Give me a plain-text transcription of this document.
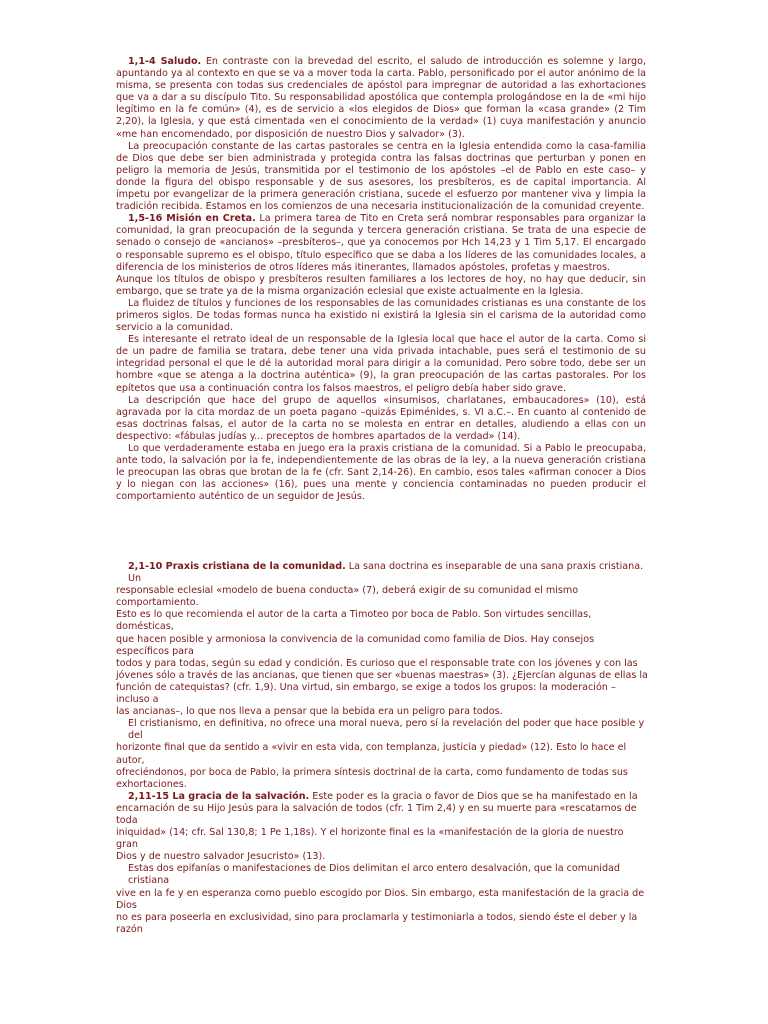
1,1-4 Saludo. En contraste con la brevedad del escrito, el saludo de introducción es solemne y largo, apuntando ya al contexto en que se va a mover toda la carta. Pablo, personificado por el autor anónimo de la misma, se presenta con todas sus credenciales de apóstol para impregnar de autoridad a las exhortaciones que va a dar a su discípulo Tito. Su responsabilidad apostólica que contempla prologándose en la de «mi hijo legítimo en la fe común» (4), es de servicio a «los elegidos de Dios» que forman la «casa grande» (2 Tim 2,20), la Iglesia, y que está cimentada «en el conocimiento de la verdad» (1) cuya manifestación y anuncio «me han encomendado, por disposición de nuestro Dios y salvador» (3).

La preocupación constante de las cartas pastorales se centra en la Iglesia entendida como la casa-familia de Dios que debe ser bien administrada y protegida contra las falsas doctrinas que perturban y ponen en peligro la memoria de Jesús, transmitida por el testimonio de los apóstoles –el de Pablo en este caso– y donde la figura del obispo responsable y de sus asesores, los presbíteros, es de capital importancia. Al ímpetu por evangelizar de la primera generación cristiana, sucede el esfuerzo por mantener viva y limpia la tradición recibida. Estamos en los comienzos de una necesaria institucionalización de la comunidad creyente.

1,5-16 Misión en Creta. La primera tarea de Tito en Creta será nombrar responsables para organizar la comunidad, la gran preocupación de la segunda y tercera generación cristiana. Se trata de una especie de senado o consejo de «ancianos» –presbíteros–, que ya conocemos por Hch 14,23 y 1 Tim 5,17. El encargado o responsable supremo es el obispo, título específico que se daba a los líderes de las comunidades locales, a diferencia de los ministerios de otros líderes más itinerantes, llamados apóstoles, profetas y maestros.

Aunque los títulos de obispo y presbíteros resulten familiares a los lectores de hoy, no hay que deducir, sin embargo, que se trate ya de la misma organización eclesial que existe actualmente en la Iglesia.

La fluidez de títulos y funciones de los responsables de las comunidades cristianas es una constante de los primeros siglos. De todas formas nunca ha existido ni existirá la Iglesia sin el carisma de la autoridad como servicio a la comunidad.

Es interesante el retrato ideal de un responsable de la Iglesia local que hace el autor de la carta. Como si de un padre de familia se tratara, debe tener una vida privada intachable, pues será el testimonio de su integridad personal el que le dé la autoridad moral para dirigir a la comunidad. Pero sobre todo, debe ser un hombre «que se atenga a la doctrina auténtica» (9), la gran preocupación de las cartas pastorales. Por los epítetos que usa a continuación contra los falsos maestros, el peligro debía haber sido grave.

La descripción que hace del grupo de aquellos «insumisos, charlatanes, embaucadores» (10), está agravada por la cita mordaz de un poeta pagano –quizás Epiménides, s. VI a.C.–. En cuanto al contenido de esas doctrinas falsas, el autor de la carta no se molesta en entrar en detalles, aludiendo a ellas con un despectivo: «fábulas judías y... preceptos de hombres apartados de la verdad» (14).

Lo que verdaderamente estaba en juego era la praxis cristiana de la comunidad. Si a Pablo le preocupaba, ante todo, la salvación por la fe, independientemente de las obras de la ley, a la nueva generación cristiana le preocupan las obras que brotan de la fe (cfr. Sant 2,14-26). En cambio, esos tales «afirman conocer a Dios y lo niegan con las acciones» (16), pues una mente y conciencia contaminadas no pueden producir el comportamiento auténtico de un seguidor de Jesús.

2,1-10 Praxis cristiana de la comunidad. La sana doctrina es inseparable de una sana praxis cristiana.

Un

responsable eclesial «modelo de buena conducta» (7), deberá exigir de su comunidad el mismo

comportamiento.

Esto es lo que recomienda el autor de la carta a Timoteo por boca de Pablo. Son virtudes sencillas,

domésticas,

que hacen posible y armoniosa la convivencia de la comunidad como familia de Dios. Hay consejos

específicos para

todos y para todas, según su edad y condición. Es curioso que el responsable trate con los jóvenes y con las

jóvenes sólo a través de las ancianas, que tienen que ser «buenas maestras» (3). ¿Ejercían algunas de ellas la

función de catequistas? (cfr. 1,9). Una virtud, sin embargo, se exige a todos los grupos: la moderación –

incluso a

las ancianas–, lo que nos lleva a pensar que la bebida era un peligro para todos.

El cristianismo, en definitiva, no ofrece una moral nueva, pero sí la revelación del poder que hace posible y

del

horizonte final que da sentido a «vivir en esta vida, con templanza, justicia y piedad» (12). Esto lo hace el

autor,

ofreciéndonos, por boca de Pablo, la primera síntesis doctrinal de la carta, como fundamento de todas sus

exhortaciones.

2,11-15 La gracia de la salvación. Este poder es la gracia o favor de Dios que se ha manifestado en la

encarnación de su Hijo Jesús para la salvación de todos (cfr. 1 Tim 2,4) y en su muerte para «rescatarnos de

toda

iniquidad» (14; cfr. Sal 130,8; 1 Pe 1,18s). Y el horizonte final es la «manifestación de la gloria de nuestro

gran

Dios y de nuestro salvador Jesucristo» (13).

Estas dos epifanías o manifestaciones de Dios delimitan el arco entero desalvación, que la comunidad

cristiana

vive en la fe y en esperanza como pueblo escogido por Dios. Sin embargo, esta manifestación de la gracia de

Dios

no es para poseerla en exclusividad, sino para proclamarla y testimoniarla a todos, siendo éste el deber y la

razón
